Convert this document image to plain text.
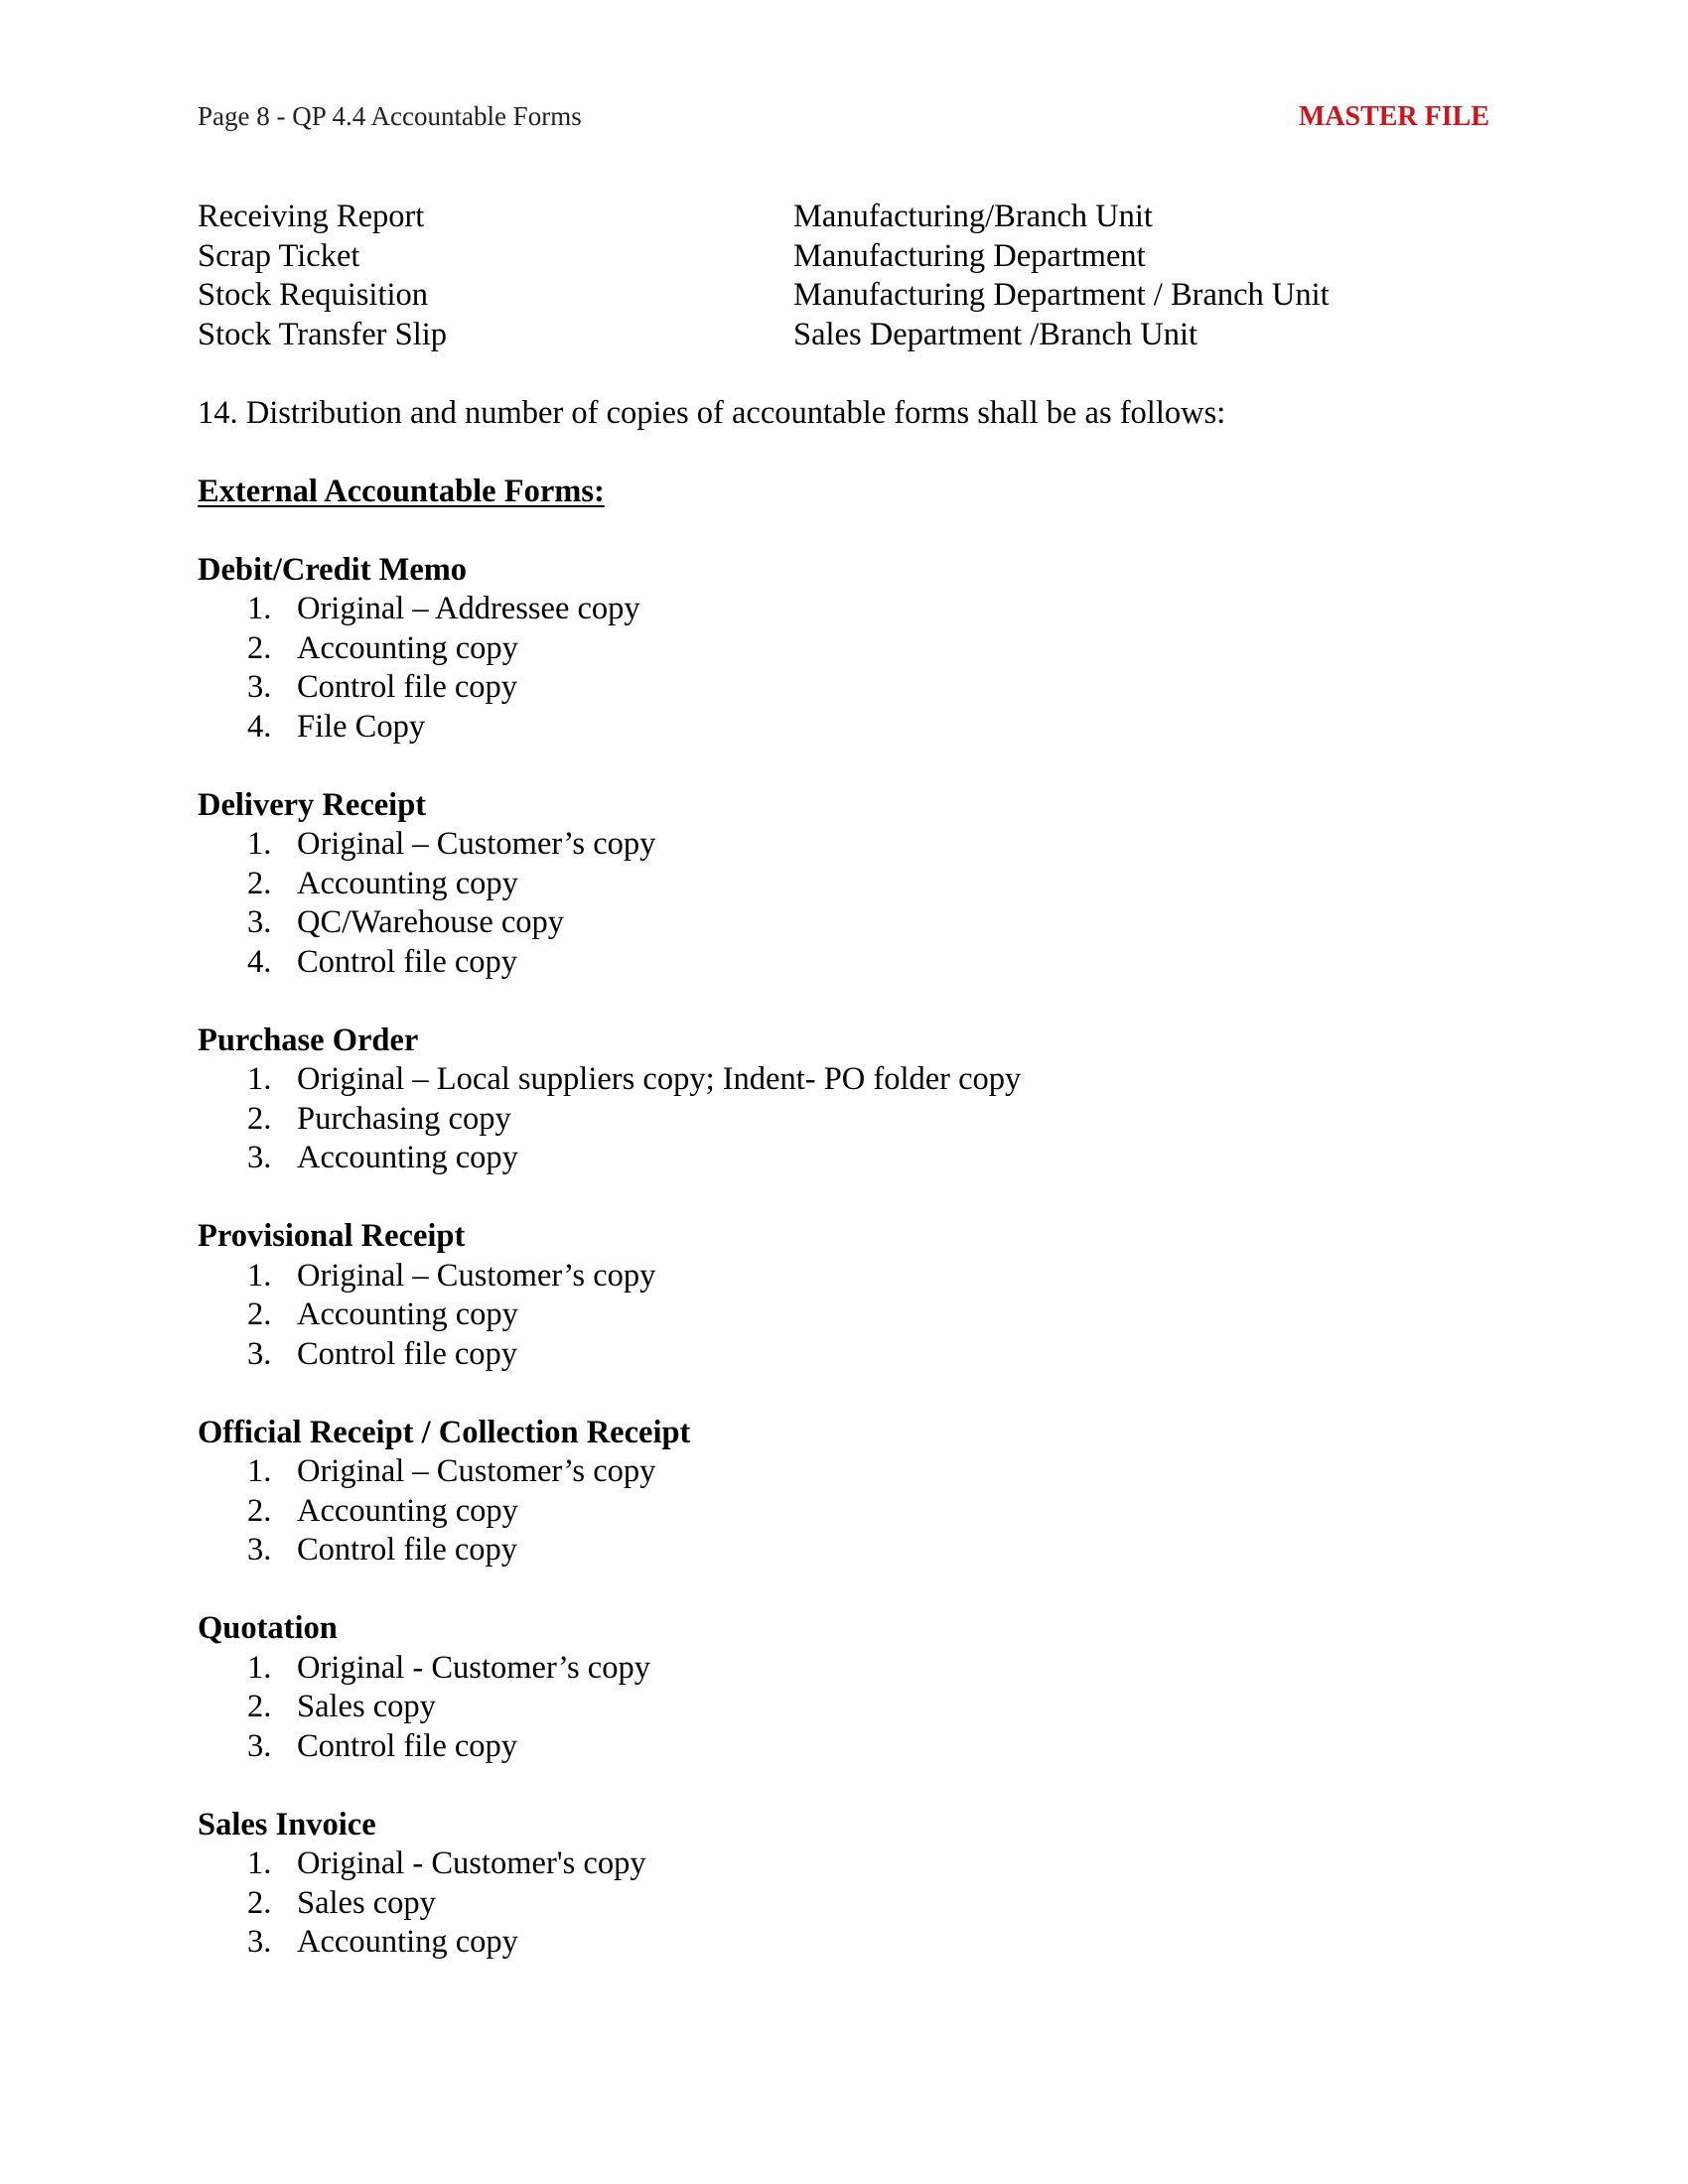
Page 8 - QP 4.4 Accountable Forms	MASTER FILE
Receiving Report	Manufacturing/Branch Unit
Scrap Ticket	Manufacturing Department
Stock Requisition	Manufacturing Department / Branch Unit
Stock Transfer Slip	Sales Department /Branch Unit
14. Distribution and number of copies of accountable forms shall be as follows:
External Accountable Forms:
Debit/Credit Memo
1. Original – Addressee copy
2. Accounting copy
3. Control file copy
4. File Copy
Delivery Receipt
1. Original – Customer’s copy
2. Accounting copy
3. QC/Warehouse copy
4. Control file copy
Purchase Order
1. Original – Local suppliers copy; Indent- PO folder copy
2. Purchasing copy
3. Accounting copy
Provisional Receipt
1. Original – Customer’s copy
2. Accounting copy
3. Control file copy
Official Receipt / Collection Receipt
1. Original – Customer’s copy
2. Accounting copy
3. Control file copy
Quotation
1. Original - Customer’s copy
2. Sales copy
3. Control file copy
Sales Invoice
1. Original - Customer's copy
2. Sales copy
3. Accounting copy
